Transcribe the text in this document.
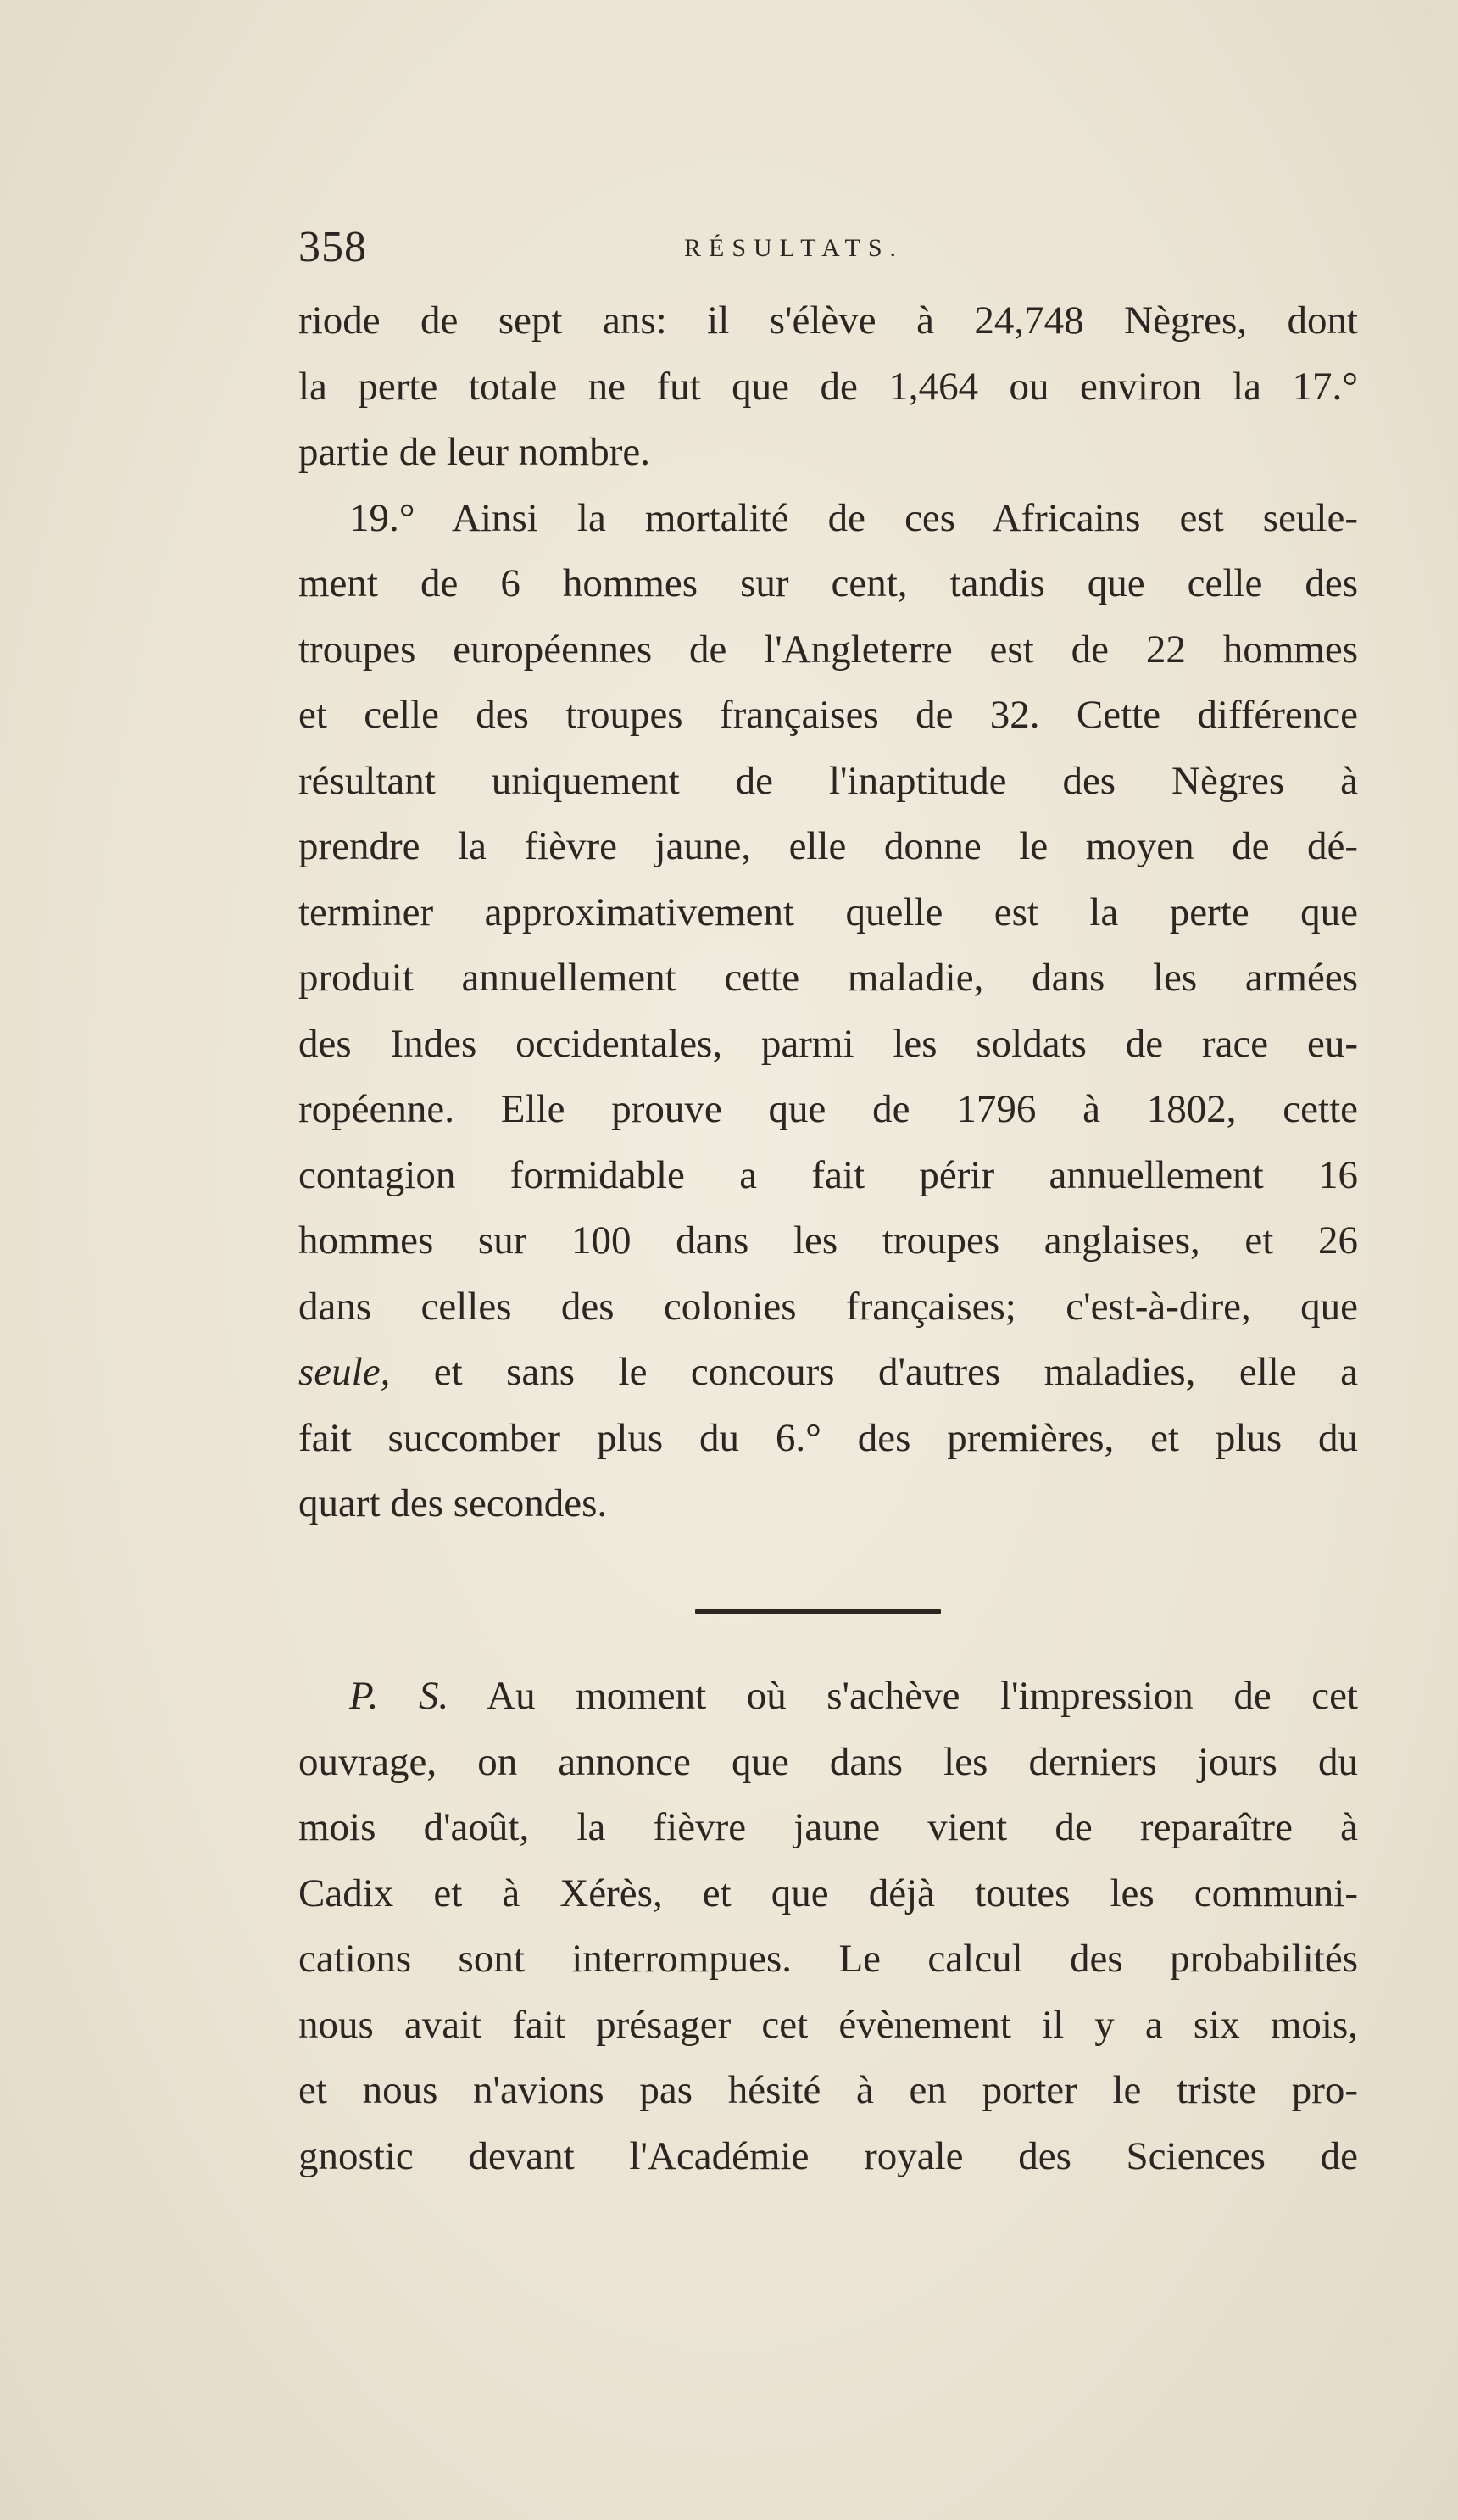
358	RÉSULTATS.
riode de sept ans: il s'élève à 24,748 Nègres, dont
la perte totale ne fut que de 1,464 ou environ la 17.°
partie de leur nombre.
19.° Ainsi la mortalité de ces Africains est seule-
ment de 6 hommes sur cent, tandis que celle des
troupes européennes de l'Angleterre est de 22 hommes
et celle des troupes françaises de 32. Cette différence
résultant uniquement de l'inaptitude des Nègres à
prendre la fièvre jaune, elle donne le moyen de dé-
terminer approximativement quelle est la perte que
produit annuellement cette maladie, dans les armées
des Indes occidentales, parmi les soldats de race eu-
ropéenne. Elle prouve que de 1796 à 1802, cette
contagion formidable a fait périr annuellement 16
hommes sur 100 dans les troupes anglaises, et 26
dans celles des colonies françaises; c'est-à-dire, que
seule, et sans le concours d'autres maladies, elle a
fait succomber plus du 6.° des premières, et plus du
quart des secondes.
P. S. Au moment où s'achève l'impression de cet
ouvrage, on annonce que dans les derniers jours du
mois d'août, la fièvre jaune vient de reparaître à
Cadix et à Xérès, et que déjà toutes les communi-
cations sont interrompues. Le calcul des probabilités
nous avait fait présager cet évènement il y a six mois,
et nous n'avions pas hésité à en porter le triste pro-
gnostic devant l'Académie royale des Sciences de
